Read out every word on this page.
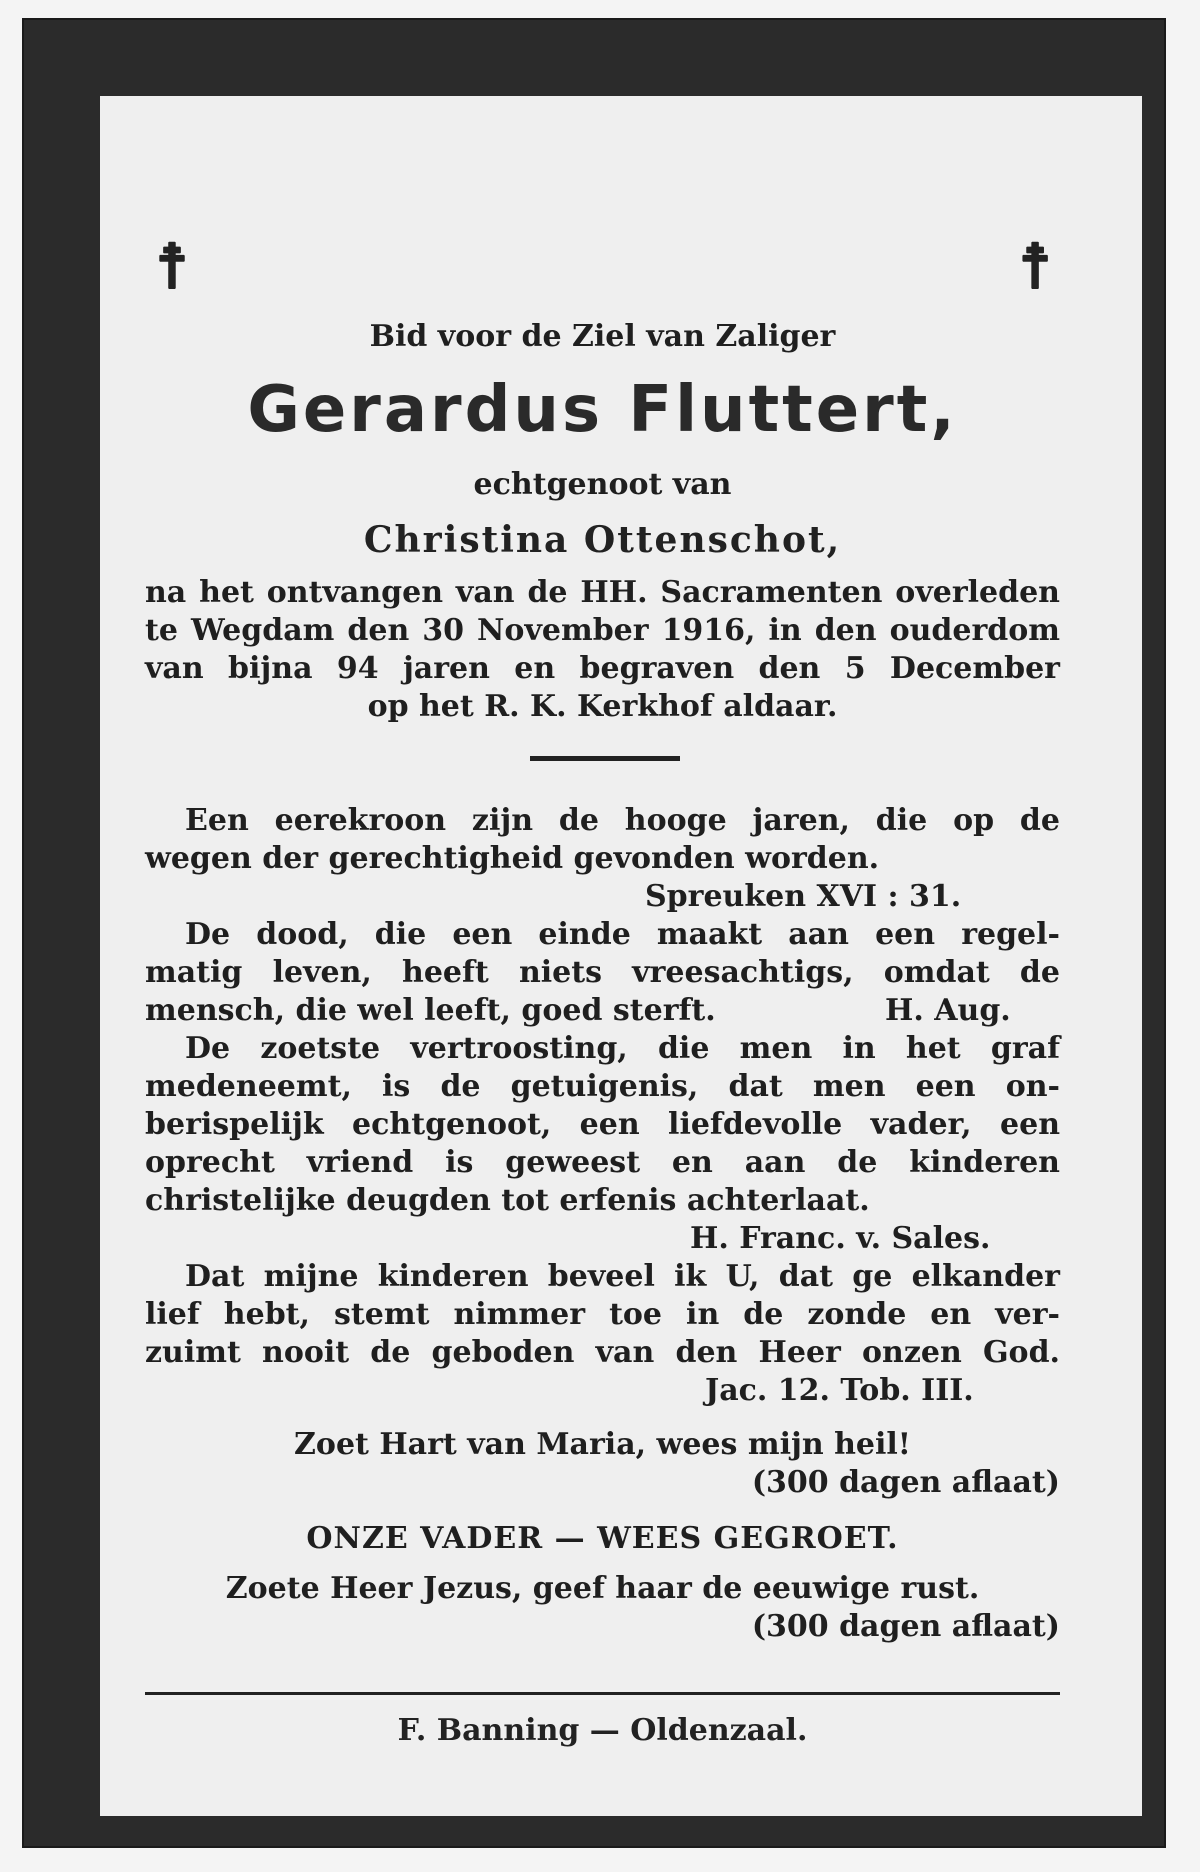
☨	☨

Bid voor de Ziel van Zaliger

Gerardus Fluttert,

echtgenoot van

Christina Ottenschot,

na het ontvangen van de HH. Sacramenten overleden

te Wegdam den 30 November 1916, in den ouderdom

van bijna 94 jaren en begraven den 5 December

op het R. K. Kerkhof aldaar.

Een eerekroon zijn de hooge jaren, die op de

wegen der gerechtigheid gevonden worden.

Spreuken XVI : 31.

De dood, die een einde maakt aan een regel-

matig leven, heeft niets vreesachtigs, omdat de

mensch, die wel leeft, goed sterft.	H. Aug.

De zoetste vertroosting, die men in het graf

medeneemt, is de getuigenis, dat men een on-

berispelijk echtgenoot, een liefdevolle vader, een

oprecht vriend is geweest en aan de kinderen

christelijke deugden tot erfenis achterlaat.

H. Franc. v. Sales.

Dat mijne kinderen beveel ik U, dat ge elkander

lief hebt, stemt nimmer toe in de zonde en ver-

zuimt nooit de geboden van den Heer onzen God.

Jac. 12. Tob. III.

Zoet Hart van Maria, wees mijn heil!

(300 dagen aflaat)

ONZE VADER — WEES GEGROET.

Zoete Heer Jezus, geef haar de eeuwige rust.

(300 dagen aflaat)

F. Banning — Oldenzaal.
